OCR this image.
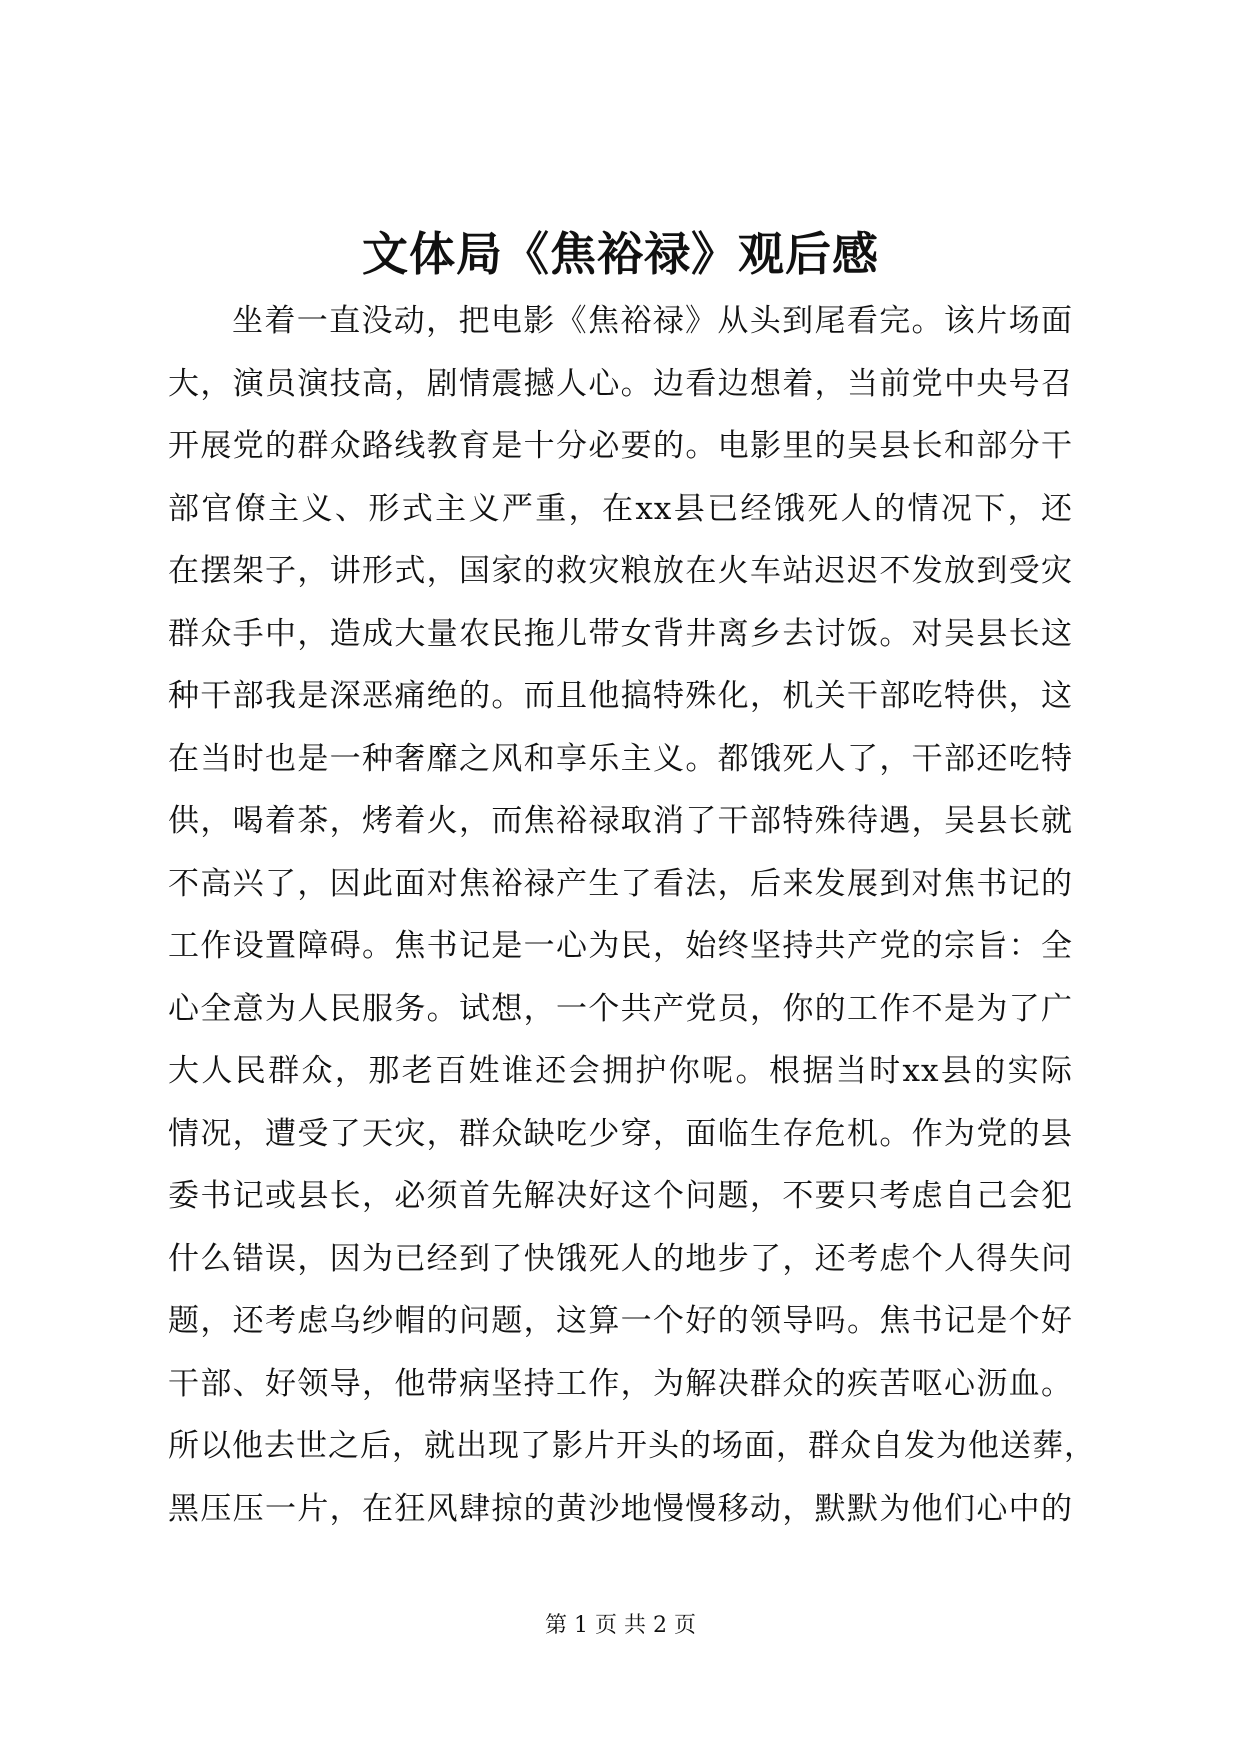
文体局《焦裕禄》观后感
坐着一直没动，把电影《焦裕禄》从头到尾看完。该片场面
大，演员演技高，剧情震撼人心。边看边想着，当前党中央号召
开展党的群众路线教育是十分必要的。电影里的吴县长和部分干
部官僚主义、形式主义严重，在xx县已经饿死人的情况下，还
在摆架子，讲形式，国家的救灾粮放在火车站迟迟不发放到受灾
群众手中，造成大量农民拖儿带女背井离乡去讨饭。对吴县长这
种干部我是深恶痛绝的。而且他搞特殊化，机关干部吃特供，这
在当时也是一种奢靡之风和享乐主义。都饿死人了，干部还吃特
供，喝着茶，烤着火，而焦裕禄取消了干部特殊待遇，吴县长就
不高兴了，因此面对焦裕禄产生了看法，后来发展到对焦书记的
工作设置障碍。焦书记是一心为民，始终坚持共产党的宗旨：全
心全意为人民服务。试想，一个共产党员，你的工作不是为了广
大人民群众，那老百姓谁还会拥护你呢。根据当时xx县的实际
情况，遭受了天灾，群众缺吃少穿，面临生存危机。作为党的县
委书记或县长，必须首先解决好这个问题，不要只考虑自己会犯
什么错误，因为已经到了快饿死人的地步了，还考虑个人得失问
题，还考虑乌纱帽的问题，这算一个好的领导吗。焦书记是个好
干部、好领导，他带病坚持工作，为解决群众的疾苦呕心沥血。
所以他去世之后，就出现了影片开头的场面，群众自发为他送葬，
黑压压一片，在狂风肆掠的黄沙地慢慢移动，默默为他们心中的
第 1 页 共 2 页
